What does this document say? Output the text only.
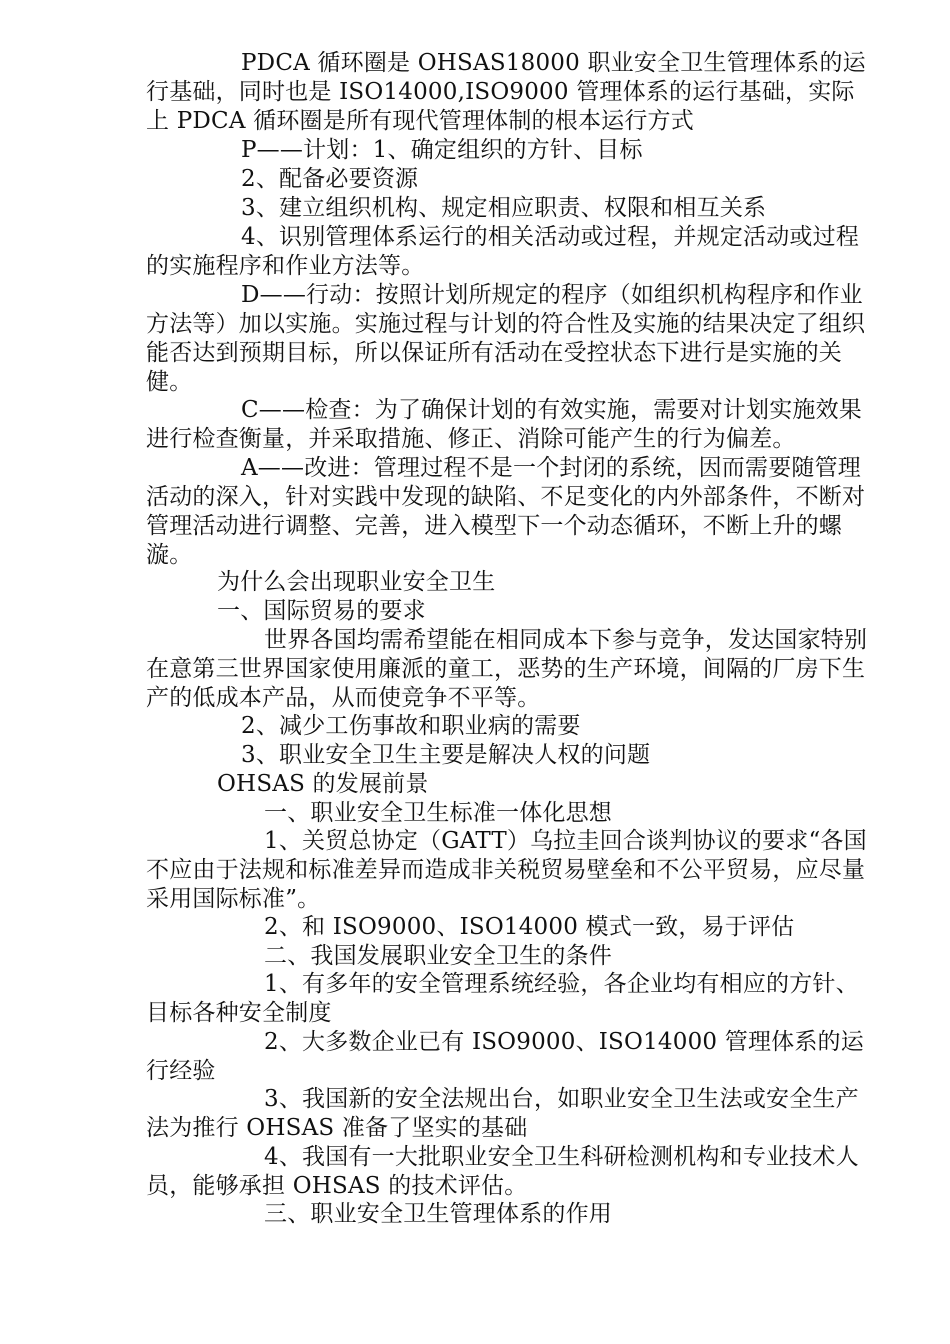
PDCA 循环圈是 OHSAS18000 职业安全卫生管理体系的运行基础，同时也是 ISO14000,ISO9000 管理体系的运行基础，实际上 PDCA 循环圈是所有现代管理体制的根本运行方式

P——计划：1、确定组织的方针、目标

2、配备必要资源

3、建立组织机构、规定相应职责、权限和相互关系

4、识别管理体系运行的相关活动或过程，并规定活动或过程的实施程序和作业方法等。

D——行动：按照计划所规定的程序（如组织机构程序和作业方法等）加以实施。实施过程与计划的符合性及实施的结果决定了组织能否达到预期目标，所以保证所有活动在受控状态下进行是实施的关健。

C——检查：为了确保计划的有效实施，需要对计划实施效果进行检查衡量，并采取措施、修正、消除可能产生的行为偏差。

A——改进：管理过程不是一个封闭的系统，因而需要随管理活动的深入，针对实践中发现的缺陷、不足变化的内外部条件，不断对管理活动进行调整、完善，进入模型下一个动态循环，不断上升的螺漩。

为什么会出现职业安全卫生

一、国际贸易的要求

世界各国均需希望能在相同成本下参与竞争，发达国家特别在意第三世界国家使用廉派的童工，恶势的生产环境，间隔的厂房下生产的低成本产品，从而使竞争不平等。

2、减少工伤事故和职业病的需要

3、职业安全卫生主要是解决人权的问题

OHSAS 的发展前景

一、职业安全卫生标准一体化思想

1、关贸总协定（GATT）乌拉圭回合谈判协议的要求“各国不应由于法规和标准差异而造成非关税贸易壁垒和不公平贸易，应尽量采用国际标准”。

2、和 ISO9000、ISO14000 模式一致，易于评估

二、我国发展职业安全卫生的条件

1、有多年的安全管理系统经验，各企业均有相应的方针、目标各种安全制度

2、大多数企业已有 ISO9000、ISO14000 管理体系的运行经验

3、我国新的安全法规出台，如职业安全卫生法或安全生产法为推行 OHSAS 准备了坚实的基础

4、我国有一大批职业安全卫生科研检测机构和专业技术人员，能够承担 OHSAS 的技术评估。

三、职业安全卫生管理体系的作用
